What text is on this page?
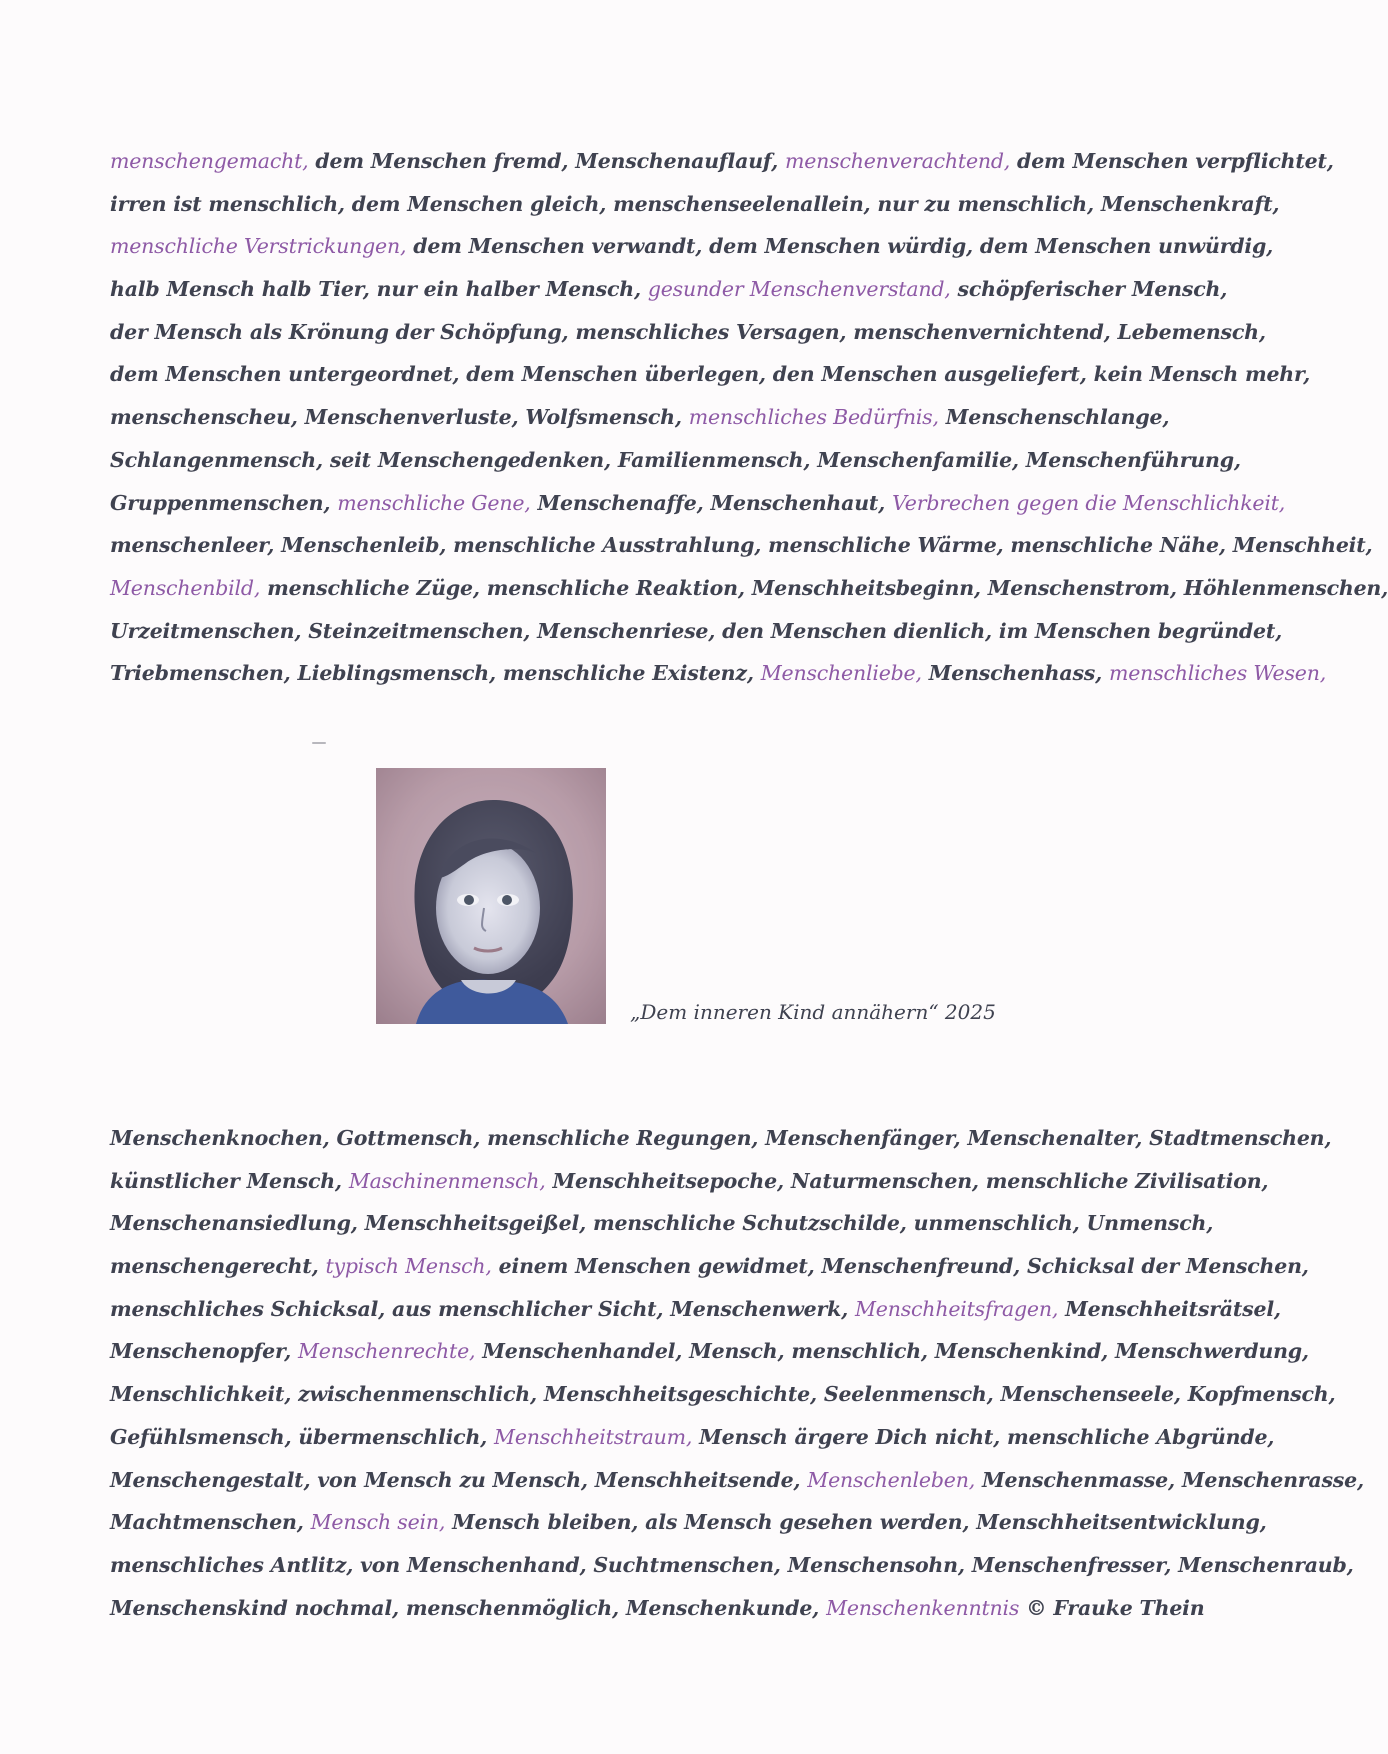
menschengemacht, dem Menschen fremd, Menschenauflauf, menschenverachtend, dem Menschen verpflichtet,
irren ist menschlich, dem Menschen gleich, menschenseelenallein, nur zu menschlich, Menschenkraft,
menschliche Verstrickungen, dem Menschen verwandt, dem Menschen würdig, dem Menschen unwürdig,
halb Mensch halb Tier, nur ein halber Mensch, gesunder Menschenverstand, schöpferischer Mensch,
der Mensch als Krönung der Schöpfung, menschliches Versagen, menschenvernichtend, Lebemensch,
dem Menschen untergeordnet, dem Menschen überlegen, den Menschen ausgeliefert, kein Mensch mehr,
menschenscheu, Menschenverluste, Wolfsmensch, menschliches Bedürfnis, Menschenschlange,
Schlangenmensch, seit Menschengedenken, Familienmensch, Menschenfamilie, Menschenführung,
Gruppenmenschen, menschliche Gene, Menschenaffe, Menschenhaut, Verbrechen gegen die Menschlichkeit,
menschenleer, Menschenleib, menschliche Ausstrahlung, menschliche Wärme, menschliche Nähe, Menschheit,
Menschenbild, menschliche Züge, menschliche Reaktion, Menschheitsbeginn, Menschenstrom, Höhlenmenschen,
Urzeitmenschen, Steinzeitmenschen, Menschenriese, den Menschen dienlich, im Menschen begründet,
Triebmenschen, Lieblingsmensch, menschliche Existenz, Menschenliebe, Menschenhass, menschliches Wesen,
„Dem inneren Kind annähern“ 2025
Menschenknochen, Gottmensch, menschliche Regungen, Menschenfänger, Menschenalter, Stadtmenschen,
künstlicher Mensch, Maschinenmensch, Menschheitsepoche, Naturmenschen, menschliche Zivilisation,
Menschenansiedlung, Menschheitsgeißel, menschliche Schutzschilde, unmenschlich, Unmensch,
menschengerecht, typisch Mensch, einem Menschen gewidmet, Menschenfreund, Schicksal der Menschen,
menschliches Schicksal, aus menschlicher Sicht, Menschenwerk, Menschheitsfragen, Menschheitsrätsel,
Menschenopfer, Menschenrechte, Menschenhandel, Mensch, menschlich, Menschenkind, Menschwerdung,
Menschlichkeit, zwischenmenschlich, Menschheitsgeschichte, Seelenmensch, Menschenseele, Kopfmensch,
Gefühlsmensch, übermenschlich, Menschheitstraum, Mensch ärgere Dich nicht, menschliche Abgründe,
Menschengestalt, von Mensch zu Mensch, Menschheitsende, Menschenleben, Menschenmasse, Menschenrasse,
Machtmenschen, Mensch sein, Mensch bleiben, als Mensch gesehen werden, Menschheitsentwicklung,
menschliches Antlitz, von Menschenhand, Suchtmenschen, Menschensohn, Menschenfresser, Menschenraub,
Menschenskind nochmal, menschenmöglich, Menschenkunde, Menschenkenntnis © Frauke Thein
